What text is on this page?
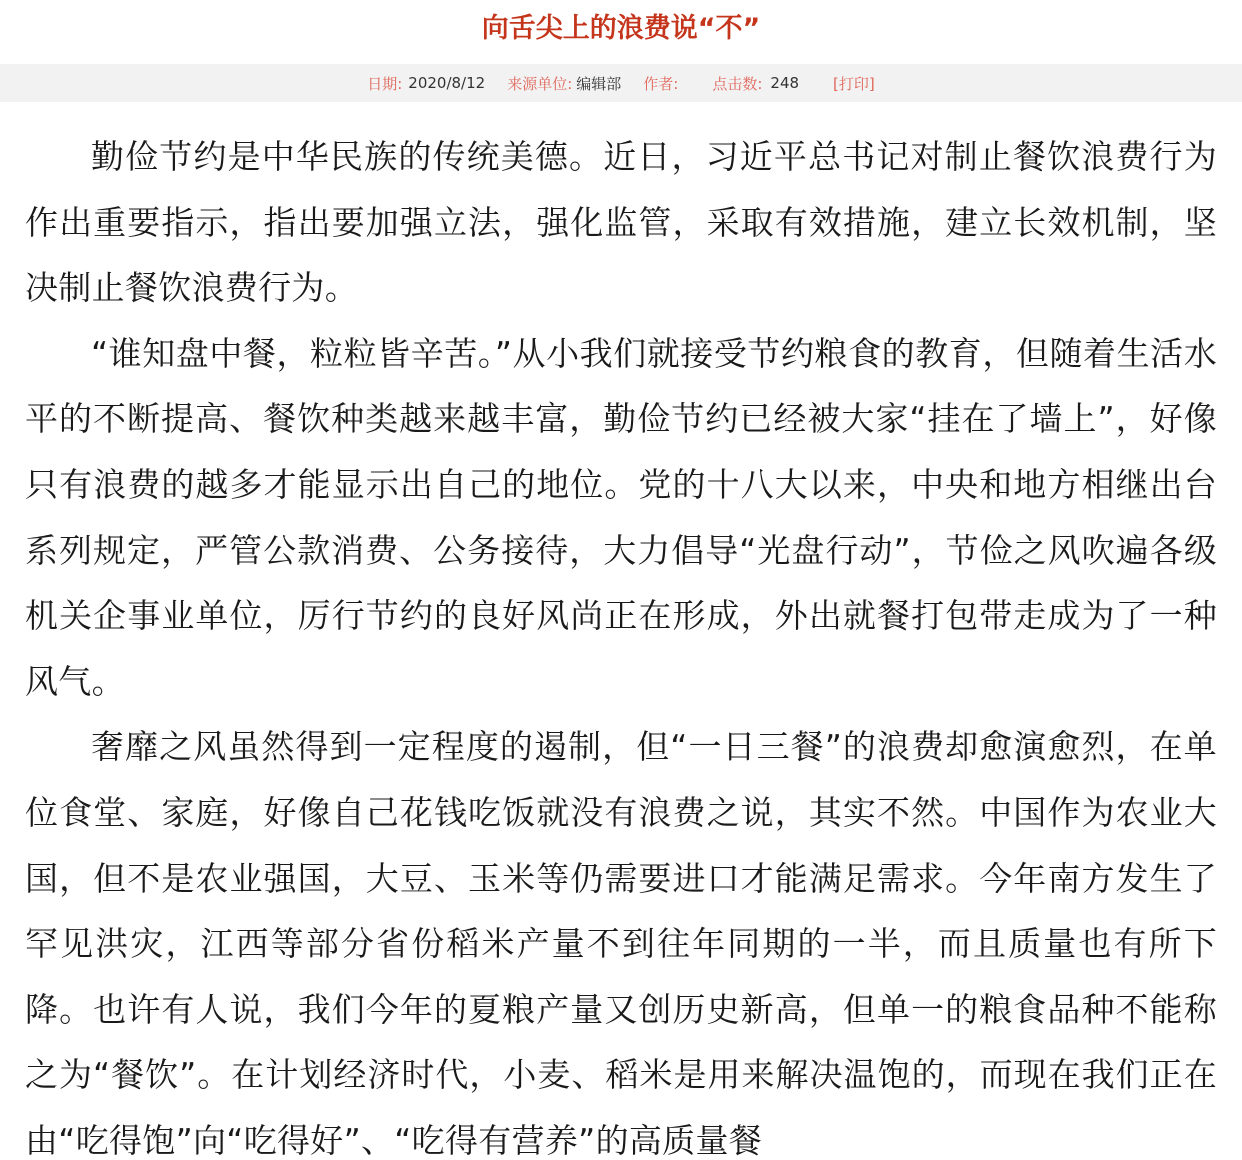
向舌尖上的浪费说“不”
日期: 2020/8/12 来源单位: 编辑部 作者: 点击数: 248 [打印]

勤俭节约是中华民族的传统美德。近日，习近平总书记对制止餐饮浪费行为作出重要指示，指出要加强立法，强化监管，采取有效措施，建立长效机制，坚决制止餐饮浪费行为。

“谁知盘中餐，粒粒皆辛苦。”从小我们就接受节约粮食的教育，但随着生活水平的不断提高、餐饮种类越来越丰富，勤俭节约已经被大家“挂在了墙上”，好像只有浪费的越多才能显示出自己的地位。党的十八大以来，中央和地方相继出台系列规定，严管公款消费、公务接待，大力倡导“光盘行动”，节俭之风吹遍各级机关企事业单位，厉行节约的良好风尚正在形成，外出就餐打包带走成为了一种风气。

奢靡之风虽然得到一定程度的遏制，但“一日三餐”的浪费却愈演愈烈，在单位食堂、家庭，好像自己花钱吃饭就没有浪费之说，其实不然。中国作为农业大国，但不是农业强国，大豆、玉米等仍需要进口才能满足需求。今年南方发生了罕见洪灾，江西等部分省份稻米产量不到往年同期的一半，而且质量也有所下降。也许有人说，我们今年的夏粮产量又创历史新高，但单一的粮食品种不能称之为“餐饮”。在计划经济时代，小麦、稻米是用来解决温饱的，而现在我们正在由“吃得饱”向“吃得好”、“吃得有营养”的高质量餐
